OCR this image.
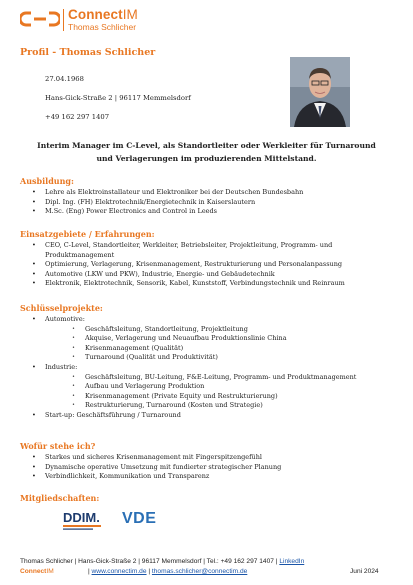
ConnectIM
Thomas Schlicher
Profil - Thomas Schlicher
27.04.1968
Hans-Gick-Straße 2 | 96117 Memmelsdorf
+49 162 297 1407
Interim Manager im C-Level, als Standortleiter oder Werkleiter für Turnaround
und Verlagerungen im produzierenden Mittelstand.
Ausbildung:
• Lehre als Elektroinstallateur und Elektroniker bei der Deutschen Bundesbahn
• Dipl. Ing. (FH) Elektrotechnik/Energietechnik in Kaiserslautern
• M.Sc. (Eng) Power Electronics and Control in Leeds
Einsatzgebiete / Erfahrungen:
• CEO, C-Level, Standortleiter, Werkleiter, Betriebsleiter, Projektleitung, Programm- und
Produktmanagement
• Optimierung, Verlagerung, Krisenmanagement, Restrukturierung und Personalanpassung
• Automotive (LKW und PKW), Industrie, Energie- und Gebäudetechnik
• Elektronik, Elektrotechnik, Sensorik, Kabel, Kunststoff, Verbindungstechnik und Reinraum
Schlüsselprojekte:
• Automotive:
• Geschäftsleitung, Standortleitung, Projektleitung
• Akquise, Verlagerung und Neuaufbau Produktionslinie China
• Krisenmanagement (Qualität)
• Turnaround (Qualität und Produktivität)
• Industrie:
• Geschäftsleitung, BU-Leitung, F&E-Leitung, Programm- und Produktmanagement
• Aufbau und Verlagerung Produktion
• Krisenmanagement (Private Equity und Restrukturierung)
• Restrukturierung, Turnaround (Kosten und Strategie)
• Start-up: Geschäftsführung / Turnaround
Wofür stehe ich?
• Starkes und sicheres Krisenmanagement mit Fingerspitzengefühl
• Dynamische operative Umsetzung mit fundierter strategischer Planung
• Verbindlichkeit, Kommunikation und Transparenz
Mitgliedschaften:
DDIM. VDE
Thomas Schlicher | Hans-Gick-Straße 2 | 96117 Memmelsdorf | Tel.: +49 162 297 1407 | LinkedIn
ConnectIM	| www.connectim.de | thomas.schlicher@connectim.de	Juni 2024
